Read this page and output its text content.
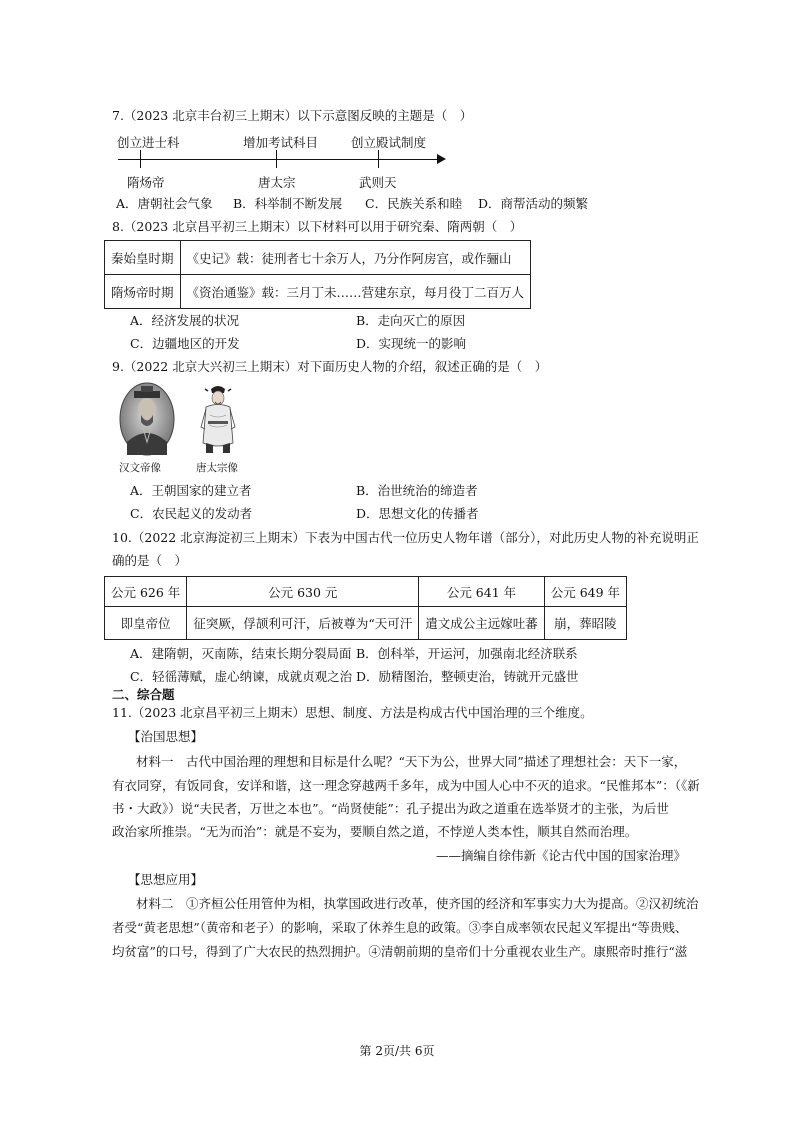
7.（2023 北京丰台初三上期末）以下示意图反映的主题是（　）
创立进士科	增加考试科目	创立殿试制度
隋炀帝	唐太宗	武则天
A．唐朝社会气象 B．科举制不断发展 C．民族关系和睦 D．商帮活动的频繁
8.（2023 北京昌平初三上期末）以下材料可以用于研究秦、隋两朝（　）
秦始皇时期	《史记》载：徒刑者七十余万人，乃分作阿房宫，或作骊山
隋炀帝时期	《资治通鉴》载：三月丁未……营建东京，每月役丁二百万人
A．经济发展的状况	B．走向灭亡的原因
C．边疆地区的开发	D．实现统一的影响
9.（2022 北京大兴初三上期末）对下面历史人物的介绍，叙述正确的是（　）
汉文帝像	唐太宗像
A．王朝国家的建立者	B．治世统治的缔造者
C．农民起义的发动者	D．思想文化的传播者
10.（2022 北京海淀初三上期末）下表为中国古代一位历史人物年谱（部分），对此历史人物的补充说明正
确的是（　）
公元 626 年	公元 630 元	公元 641 年	公元 649 年
即皇帝位	征突厥，俘颉利可汗，后被尊为“天可汗	遣文成公主远嫁吐蕃	崩，葬昭陵
A．建隋朝，灭南陈，结束长期分裂局面 B．创科举，开运河，加强南北经济联系
C．轻徭薄赋，虚心纳谏，成就贞观之治 D．励精图治，整顿吏治，铸就开元盛世
二、综合题
11.（2023 北京昌平初三上期末）思想、制度、方法是构成古代中国治理的三个维度。
【治国思想】
材料一　古代中国治理的理想和目标是什么呢？“天下为公，世界大同”描述了理想社会：天下一家，
有衣同穿，有饭同食，安详和谐，这一理念穿越两千多年，成为中国人心中不灭的追求。“民惟邦本”：（《新
书・大政》）说“夫民者，万世之本也”。“尚贤使能”：孔子提出为政之道重在选举贤才的主张，为后世
政治家所推崇。“无为而治”：就是不妄为，要顺自然之道，不悖逆人类本性，顺其自然而治理。
——摘编自徐伟新《论古代中国的国家治理》
【思想应用】
材料二　①齐桓公任用管仲为相，执掌国政进行改革，使齐国的经济和军事实力大为提高。②汉初统治
者受“黄老思想”（黄帝和老子）的影响，采取了休养生息的政策。③李自成率领农民起义军提出“等贵贱、
均贫富”的口号，得到了广大农民的热烈拥护。④清朝前期的皇帝们十分重视农业生产。康熙帝时推行“滋
第 2页/共 6页
